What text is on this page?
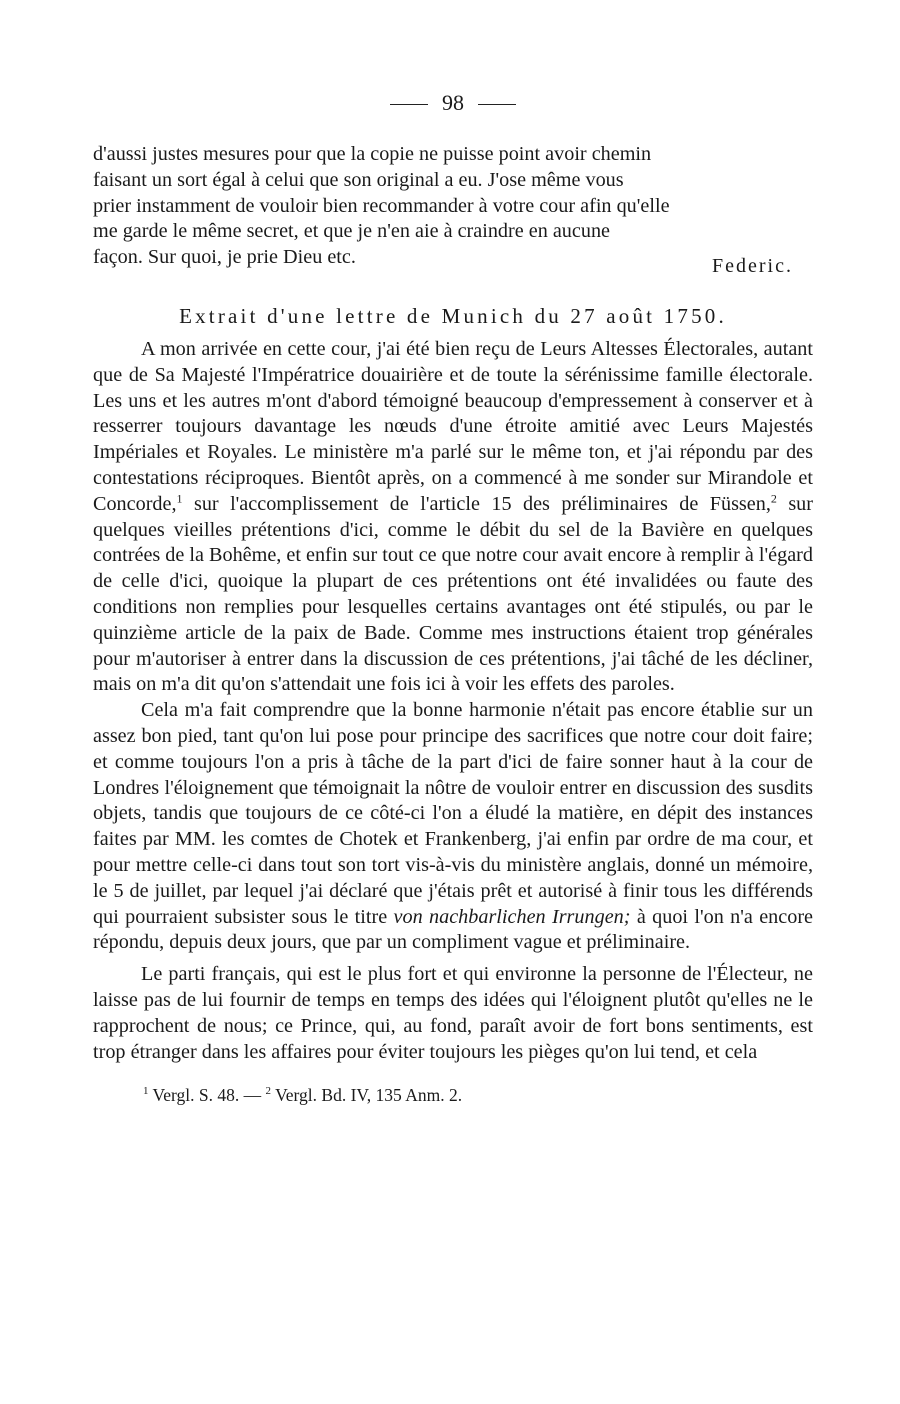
98

d'aussi justes mesures pour que la copie ne puisse point avoir chemin

faisant un sort égal à celui que son original a eu. J'ose même vous

prier instamment de vouloir bien recommander à votre cour afin qu'elle

me garde le même secret, et que je n'en aie à craindre en aucune

façon. Sur quoi, je prie Dieu etc.	Federic.
Extrait d'une lettre de Munich du 27 août 1750.

A mon arrivée en cette cour, j'ai été bien reçu de Leurs Altesses Électorales, autant que de Sa Majesté l'Impératrice douairière et de toute la sérénissime famille électorale. Les uns et les autres m'ont d'abord témoigné beaucoup d'empressement à conserver et à resserrer toujours davantage les nœuds d'une étroite amitié avec Leurs Majestés Impériales et Royales. Le ministère m'a parlé sur le même ton, et j'ai répondu par des contestations réciproques. Bientôt après, on a commencé à me sonder sur Mirandole et Concorde,$^1$ sur l'accomplissement de l'article 15 des préliminaires de Füssen,$^2$ sur quelques vieilles prétentions d'ici, comme le débit du sel de la Bavière en quelques contrées de la Bohême, et enfin sur tout ce que notre cour avait encore à remplir à l'égard de celle d'ici, quoique la plupart de ces prétentions ont été invalidées ou faute des conditions non remplies pour lesquelles certains avantages ont été stipulés, ou par le quinzième article de la paix de Bade. Comme mes instructions étaient trop générales pour m'autoriser à entrer dans la discussion de ces prétentions, j'ai tâché de les décliner, mais on m'a dit qu'on s'attendait une fois ici à voir les effets des paroles.

Cela m'a fait comprendre que la bonne harmonie n'était pas encore établie sur un assez bon pied, tant qu'on lui pose pour principe des sacrifices que notre cour doit faire; et comme toujours l'on a pris à tâche de la part d'ici de faire sonner haut à la cour de Londres l'éloignement que témoignait la nôtre de vouloir entrer en discussion des susdits objets, tandis que toujours de ce côté-ci l'on a éludé la matière, en dépit des instances faites par MM. les comtes de Chotek et Frankenberg, j'ai enfin par ordre de ma cour, et pour mettre celle-ci dans tout son tort vis-à-vis du ministère anglais, donné un mémoire, le 5 de juillet, par lequel j'ai déclaré que j'étais prêt et autorisé à finir tous les différends qui pourraient subsister sous le titre von nachbarlichen Irrungen; à quoi l'on n'a encore répondu, depuis deux jours, que par un compliment vague et préliminaire.

Le parti français, qui est le plus fort et qui environne la personne de l'Électeur, ne laisse pas de lui fournir de temps en temps des idées qui l'éloignent plutôt qu'elles ne le rapprochent de nous; ce Prince, qui, au fond, paraît avoir de fort bons sentiments, est trop étranger dans les affaires pour éviter toujours les pièges qu'on lui tend, et cela

$^1$ Vergl. S. 48. — $^2$ Vergl. Bd. IV, 135 Anm. 2.
